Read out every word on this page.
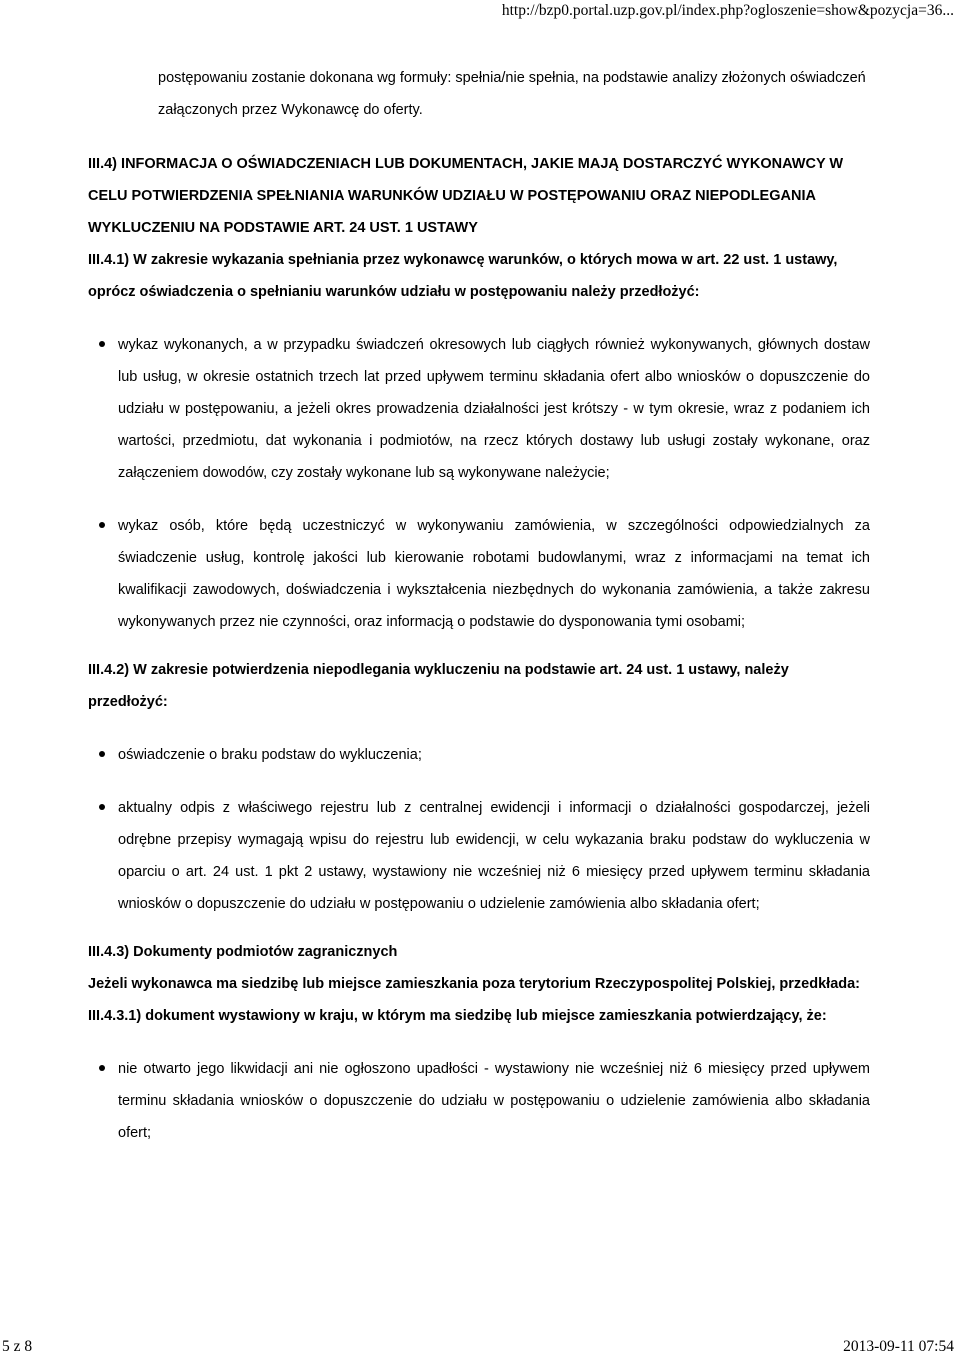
http://bzp0.portal.uzp.gov.pl/index.php?ogloszenie=show&pozycja=36...

postępowaniu zostanie dokonana wg formuły: spełnia/nie spełnia, na podstawie analizy złożonych oświadczeń załączonych przez Wykonawcę do oferty.

III.4) INFORMACJA O OŚWIADCZENIACH LUB DOKUMENTACH, JAKIE MAJĄ DOSTARCZYĆ WYKONAWCY W CELU POTWIERDZENIA SPEŁNIANIA WARUNKÓW UDZIAŁU W POSTĘPOWANIU ORAZ NIEPODLEGANIA WYKLUCZENIU NA PODSTAWIE ART. 24 UST. 1 USTAWY

III.4.1) W zakresie wykazania spełniania przez wykonawcę warunków, o których mowa w art. 22 ust. 1 ustawy, oprócz oświadczenia o spełnianiu warunków udziału w postępowaniu należy przedłożyć:

wykaz wykonanych, a w przypadku świadczeń okresowych lub ciągłych również wykonywanych, głównych dostaw lub usług, w okresie ostatnich trzech lat przed upływem terminu składania ofert albo wniosków o dopuszczenie do udziału w postępowaniu, a jeżeli okres prowadzenia działalności jest krótszy - w tym okresie, wraz z podaniem ich wartości, przedmiotu, dat wykonania i podmiotów, na rzecz których dostawy lub usługi zostały wykonane, oraz załączeniem dowodów, czy zostały wykonane lub są wykonywane należycie;
wykaz osób, które będą uczestniczyć w wykonywaniu zamówienia, w szczególności odpowiedzialnych za świadczenie usług, kontrolę jakości lub kierowanie robotami budowlanymi, wraz z informacjami na temat ich kwalifikacji zawodowych, doświadczenia i wykształcenia niezbędnych do wykonania zamówienia, a także zakresu wykonywanych przez nie czynności, oraz informacją o podstawie do dysponowania tymi osobami;

III.4.2) W zakresie potwierdzenia niepodlegania wykluczeniu na podstawie art. 24 ust. 1 ustawy, należy przedłożyć:

oświadczenie o braku podstaw do wykluczenia;
aktualny odpis z właściwego rejestru lub z centralnej ewidencji i informacji o działalności gospodarczej, jeżeli odrębne przepisy wymagają wpisu do rejestru lub ewidencji, w celu wykazania braku podstaw do wykluczenia w oparciu o art. 24 ust. 1 pkt 2 ustawy, wystawiony nie wcześniej niż 6 miesięcy przed upływem terminu składania wniosków o dopuszczenie do udziału w postępowaniu o udzielenie zamówienia albo składania ofert;

III.4.3) Dokumenty podmiotów zagranicznych

Jeżeli wykonawca ma siedzibę lub miejsce zamieszkania poza terytorium Rzeczypospolitej Polskiej, przedkłada:

III.4.3.1) dokument wystawiony w kraju, w którym ma siedzibę lub miejsce zamieszkania potwierdzający, że:

nie otwarto jego likwidacji ani nie ogłoszono upadłości - wystawiony nie wcześniej niż 6 miesięcy przed upływem terminu składania wniosków o dopuszczenie do udziału w postępowaniu o udzielenie zamówienia albo składania ofert;
5 z 8	2013-09-11 07:54
